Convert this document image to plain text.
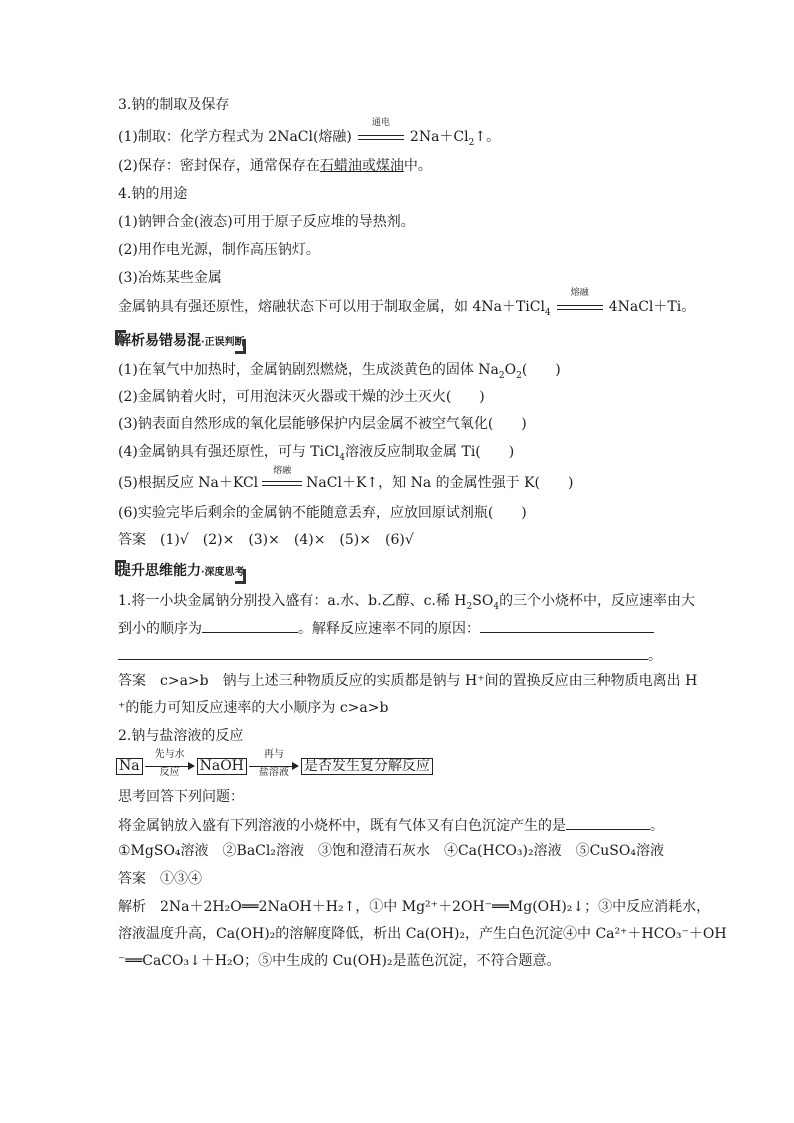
3.钠的制取及保存
(1)制取：化学方程式为 2NaCl(熔融)
通电
$2Na+Cl_2↑$。
(2)保存：密封保存，通常保存在石蜡油或煤油中。
4.钠的用途
(1)钠钾合金(液态)可用于原子反应堆的导热剂。
(2)用作电光源，制作高压钠灯。
(3)冶炼某些金属
金属钠具有强还原性，熔融状态下可以用于制取金属，如 4Na＋TiCl$_4$
熔融
4NaCl＋Ti。
解析易错易混·正误判断
(1)在氧气中加热时，金属钠剧烈燃烧，生成淡黄色的固体 $Na_2O_2$(　　)
(2)金属钠着火时，可用泡沫灭火器或干燥的沙土灭火(　　)
(3)钠表面自然形成的氧化层能够保护内层金属不被空气氧化(　　)
(4)金属钠具有强还原性，可与 TiCl$_4$溶液反应制取金属 Ti(　　)
(5)根据反应 Na＋KCl
熔融
NaCl＋K↑，知 Na 的金属性强于 K(　　)
(6)实验完毕后剩余的金属钠不能随意丢弃，应放回原试剂瓶(　　)
答案　(1)√　(2)×　(3)×　(4)×　(5)×　(6)√
提升思维能力·深度思考
1.将一小块金属钠分别投入盛有：a.水、b.乙醇、c.稀 $H_2SO_4$的三个小烧杯中，反应速率由大
到小的顺序为	。解释反应速率不同的原因：
。
答案　c>a>b　钠与上述三种物质反应的实质都是钠与 H⁺间的置换反应由三种物质电离出 H
⁺的能力可知反应速率的大小顺序为 c>a>b
2.钠与盐溶液的反应
Na
先与水
反应	NaOH
再与
盐溶液	是否发生复分解反应
思考回答下列问题：
将金属钠放入盛有下列溶液的小烧杯中，既有气体又有白色沉淀产生的是	。
①MgSO₄溶液　②BaCl₂溶液　③饱和澄清石灰水　④Ca(HCO₃)₂溶液　⑤CuSO₄溶液
答案　①③④
解析　2Na＋2H₂O══2NaOH＋H₂↑，①中 Mg²⁺＋2OH⁻══Mg(OH)₂↓；③中反应消耗水，
溶液温度升高，Ca(OH)₂的溶解度降低，析出 Ca(OH)₂，产生白色沉淀④中 Ca²⁺＋HCO₃⁻＋OH
⁻══CaCO₃↓＋H₂O；⑤中生成的 Cu(OH)₂是蓝色沉淀，不符合题意。
